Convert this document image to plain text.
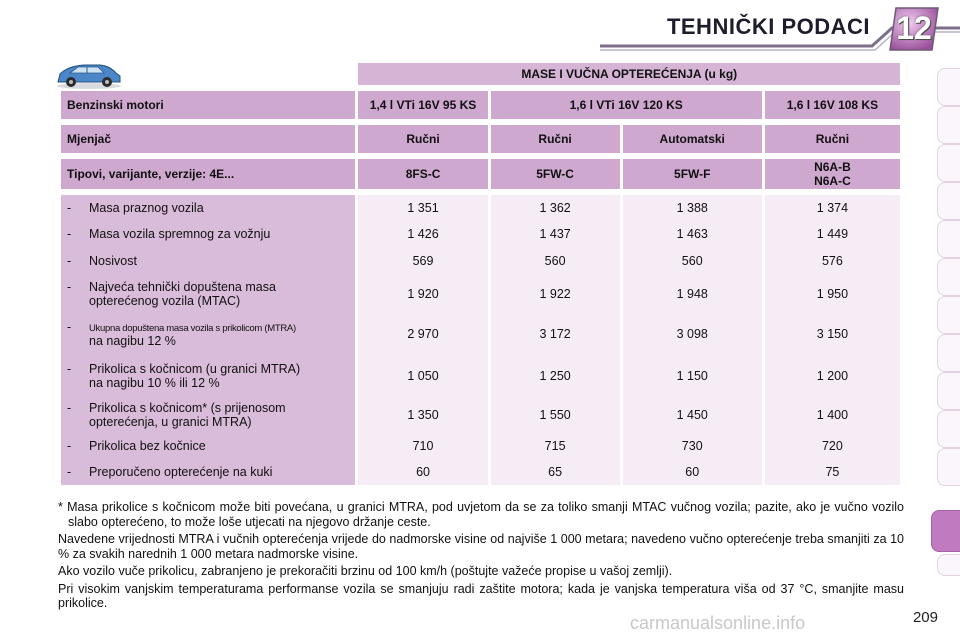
TEHNIČKI PODACI 12
	MASE I VUČNA OPTEREĆENJA (u kg)			

Benzinski motori	1,4 l VTi 16V 95 KS	1,6 l VTi 16V 120 KS		1,6 l 16V 108 KS

Mjenjač	Ručni	Ručni	Automatski	Ručni

Tipovi, varijante, verzije: 4E...	8FS-C	5FW-C	5FW-F	N6A-B
N6A-C

- Masa praznog vozila	1 351	1 362	1 388	1 374
- Masa vozila spremnog za vožnju	1 426	1 437	1 463	1 449
- Nosivost	569	560	560	576
- Najveća tehnički dopuštena masa
opterećenog vozila (MTAC)	1 920	1 922	1 948	1 950
- Ukupna dopuštena masa vozila s prikolicom (MTRA)
na nagibu 12 %	2 970	3 172	3 098	3 150
- Prikolica s kočnicom (u granici MTRA)
na nagibu 10 % ili 12 %	1 050	1 250	1 150	1 200
- Prikolica s kočnicom* (s prijenosom
opterećenja, u granici MTRA)	1 350	1 550	1 450	1 400
- Prikolica bez kočnice	710	715	730	720
- Preporučeno opterećenje na kuki	60	65	60	75

* Masa prikolice s kočnicom može biti povećana, u granici MTRA, pod uvjetom da se za toliko smanji MTAC vučnog vozila; pazite, ako je vučno vozilo slabo opterećeno, to može loše utjecati na njegovo držanje ceste.

Navedene vrijednosti MTRA i vučnih opterećenja vrijede do nadmorske visine od najviše 1 000 metara; navedeno vučno opterećenje treba smanjiti za 10 % za svakih narednih 1 000 metara nadmorske visine.

Ako vozilo vuče prikolicu, zabranjeno je prekoračiti brzinu od 100 km/h (poštujte važeće propise u vašoj zemlji).

Pri visokim vanjskim temperaturama performanse vozila se smanjuju radi zaštite motora; kada je vanjska temperatura viša od 37 °C, smanjite masu prikolice.

carmanualsonline.info	209
